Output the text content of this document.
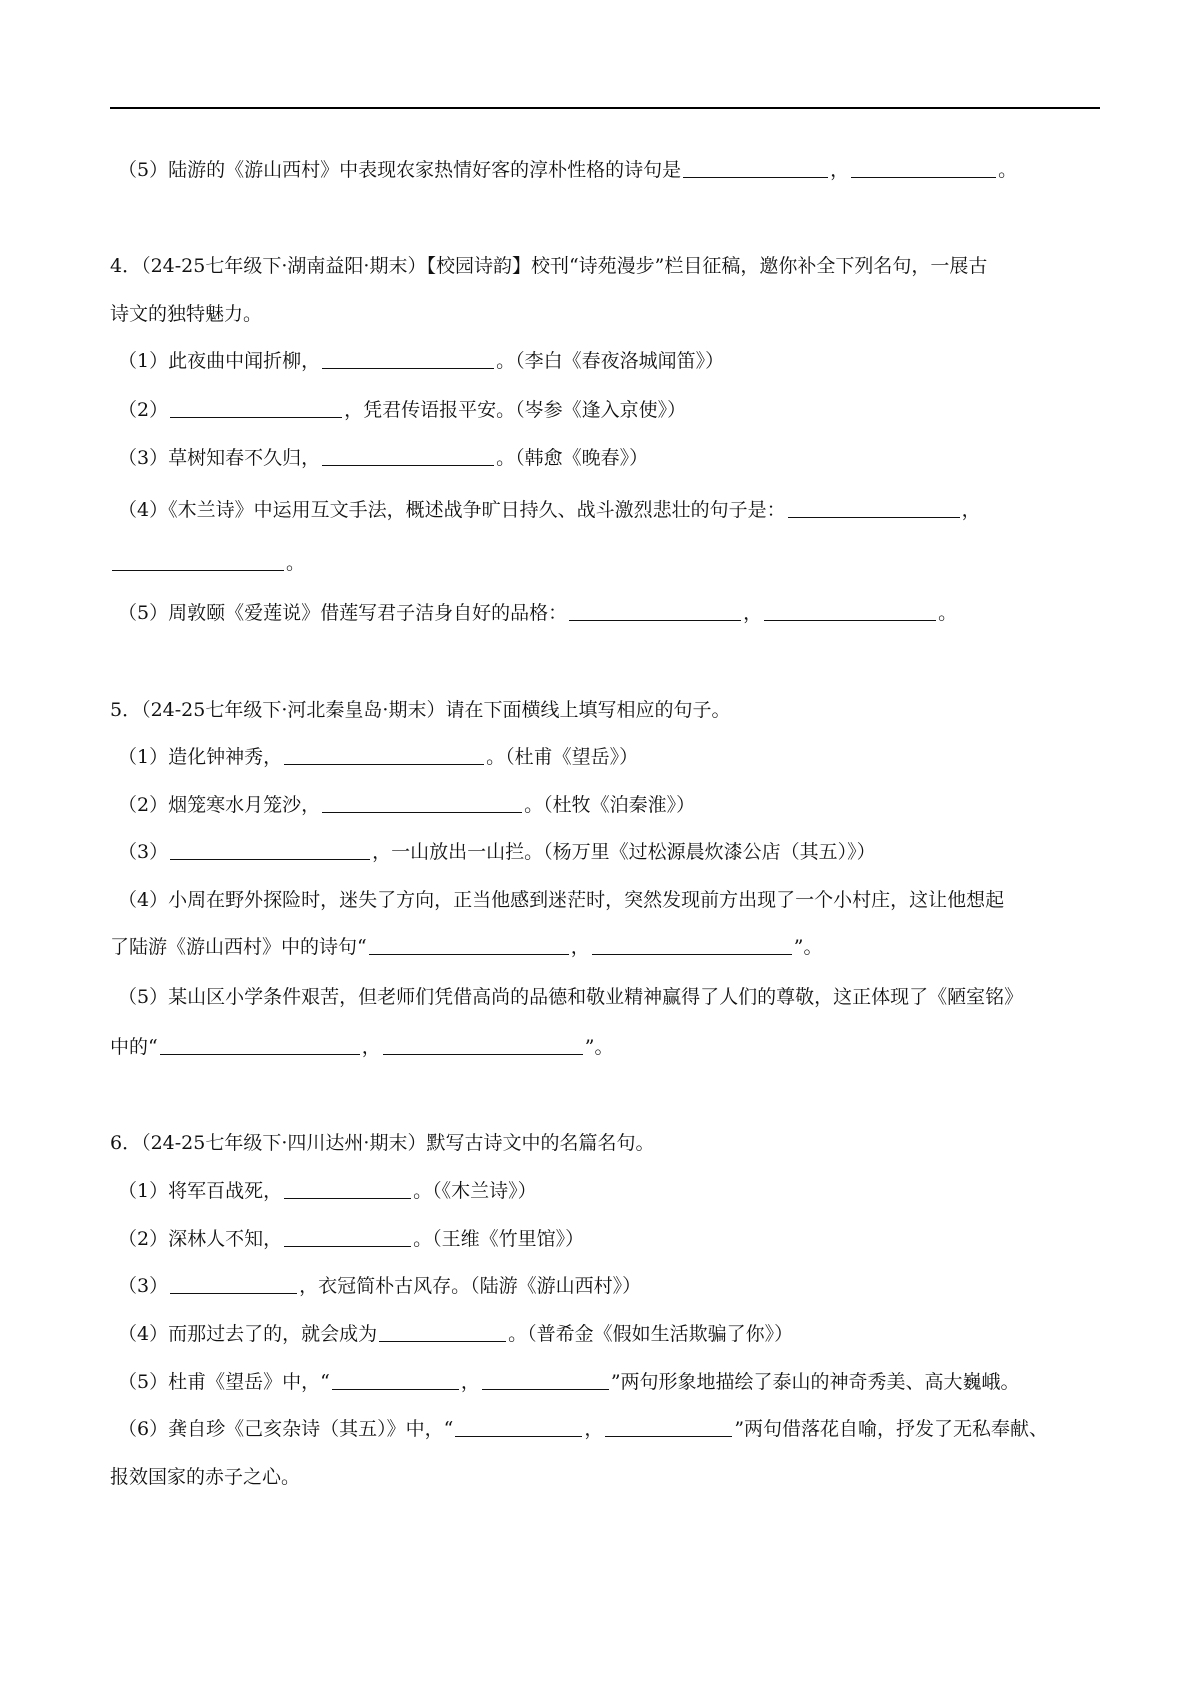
（5）陆游的《游山西村》中表现农家热情好客的淳朴性格的诗句是	，	。
4．（24-25七年级下·湖南益阳·期末）【校园诗韵】校刊“诗苑漫步”栏目征稿，邀你补全下列名句，一展古
诗文的独特魅力。
（1）此夜曲中闻折柳，	。（李白《春夜洛城闻笛》）
（2）	，凭君传语报平安。（岑参《逢入京使》）
（3）草树知春不久归，	。（韩愈《晚春》）
（4）《木兰诗》中运用互文手法，概述战争旷日持久、战斗激烈悲壮的句子是：	，
。
（5）周敦颐《爱莲说》借莲写君子洁身自好的品格：	，	。
5．（24-25七年级下·河北秦皇岛·期末）请在下面横线上填写相应的句子。
（1）造化钟神秀，	。（杜甫《望岳》）
（2）烟笼寒水月笼沙，	。（杜牧《泊秦淮》）
（3）	，一山放出一山拦。（杨万里《过松源晨炊漆公店（其五）》）
（4）小周在野外探险时，迷失了方向，正当他感到迷茫时，突然发现前方出现了一个小村庄，这让他想起
了陆游《游山西村》中的诗句“	，	”。
（5）某山区小学条件艰苦，但老师们凭借高尚的品德和敬业精神赢得了人们的尊敬，这正体现了《陋室铭》
中的“	，	”。
6．（24-25七年级下·四川达州·期末）默写古诗文中的名篇名句。
（1）将军百战死，	。（《木兰诗》）
（2）深林人不知，	。（王维《竹里馆》）
（3）	，衣冠简朴古风存。（陆游《游山西村》）
（4）而那过去了的，就会成为	。（普希金《假如生活欺骗了你》）
（5）杜甫《望岳》中，“	，	”两句形象地描绘了泰山的神奇秀美、高大巍峨。
（6）龚自珍《己亥杂诗（其五）》中，“	，	”两句借落花自喻，抒发了无私奉献、
报效国家的赤子之心。
